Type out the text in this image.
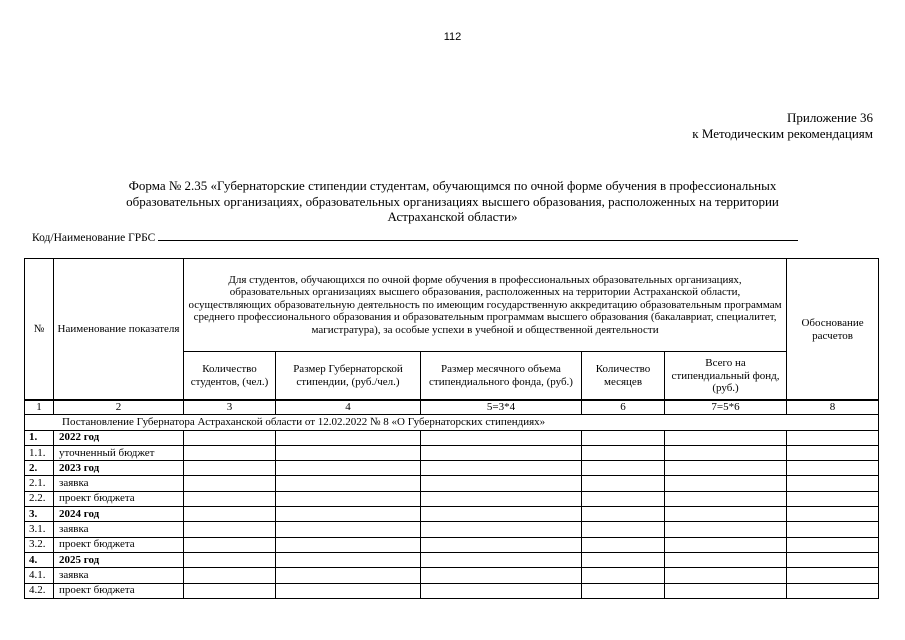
112
Приложение 36
к Методическим рекомендациям
Форма № 2.35 «Губернаторские стипендии студентам, обучающимся по очной форме обучения в профессиональных
образовательных организациях, образовательных организациях высшего образования, расположенных на территории
Астраханской области»
Код/Наименование ГРБС
№	Наименование показателя	Для студентов, обучающихся по очной форме обучения в профессиональных образовательных организациях, образовательных организациях высшего образования, расположенных на территории Астраханской области, осуществляющих образовательную деятельность по имеющим государственную аккредитацию образовательным программам среднего профессионального образования и образовательным программам высшего образования (бакалавриат, специалитет, магистратура), за особые успехи в учебной и общественной деятельности					Обоснование расчетов
		Количество студентов, (чел.)	Размер Губернаторской стипендии, (руб./чел.)	Размер месячного объема стипендиального фонда, (руб.)	Количество месяцев	Всего на стипендиальный фонд, (руб.)	
1	2	3	4	5=3*4	6	7=5*6	8
Постановление Губернатора Астраханской области от 12.02.2022 № 8 «О Губернаторских стипендиях»							
1.	2022 год						
1.1.	уточненный бюджет						
2.	2023 год						
2.1.	заявка						
2.2.	проект бюджета						
3.	2024 год						
3.1.	заявка						
3.2.	проект бюджета						
4.	2025 год						
4.1.	заявка						
4.2.	проект бюджета						
